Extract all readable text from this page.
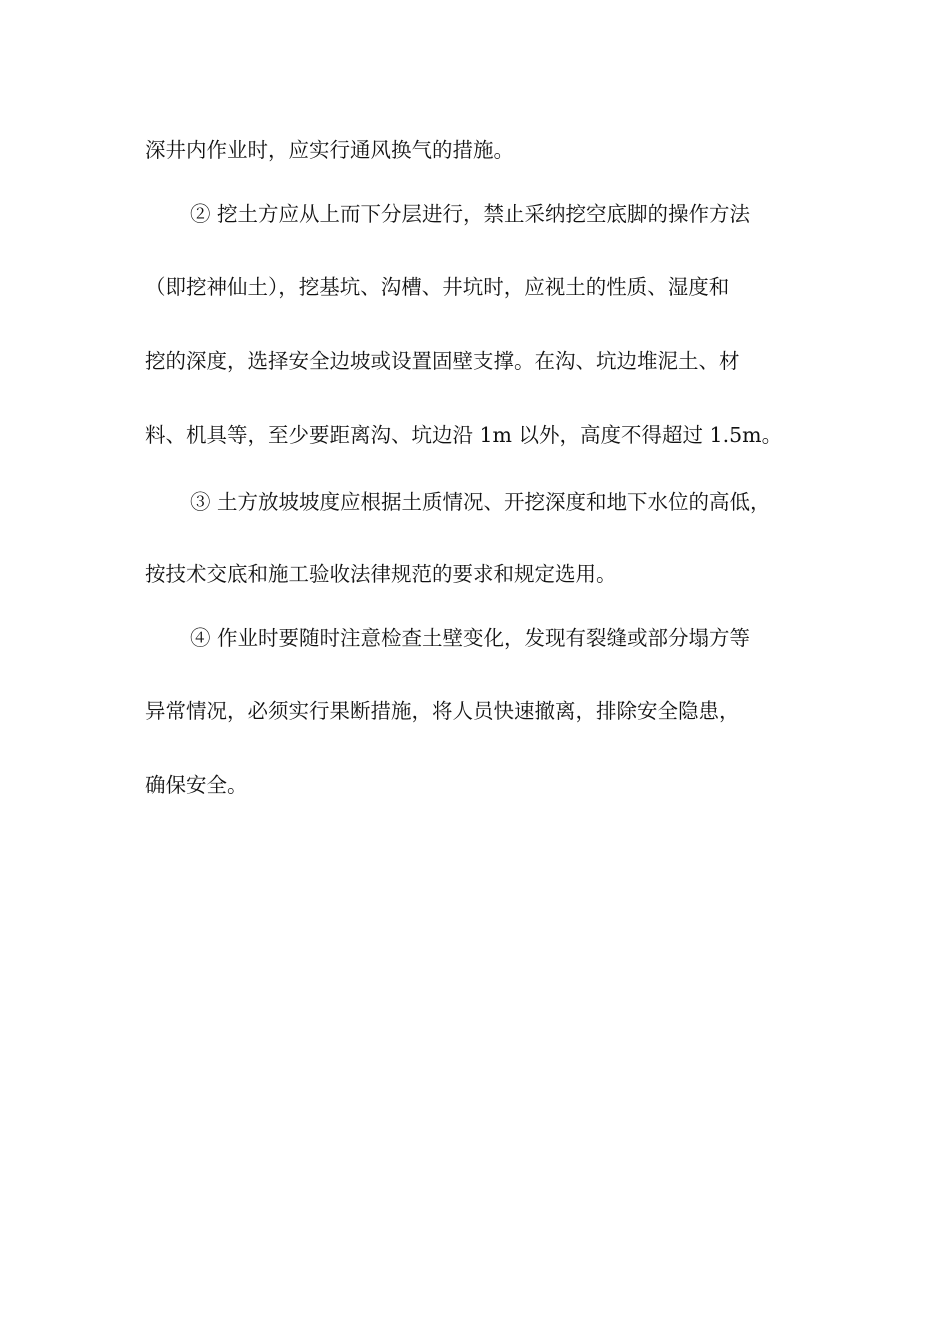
深井内作业时，应实行通风换气的措施。

② 挖土方应从上而下分层进行，禁止采纳挖空底脚的操作方法

（即挖神仙土），挖基坑、沟槽、井坑时，应视土的性质、湿度和

挖的深度，选择安全边坡或设置固壁支撑。在沟、坑边堆泥土、材

料、机具等，至少要距离沟、坑边沿 1m 以外，高度不得超过 1.5m。

③ 土方放坡坡度应根据土质情况、开挖深度和地下水位的高低，

按技术交底和施工验收法律规范的要求和规定选用。

④ 作业时要随时注意检查土壁变化，发现有裂缝或部分塌方等

异常情况，必须实行果断措施，将人员快速撤离，排除安全隐患，

确保安全。
